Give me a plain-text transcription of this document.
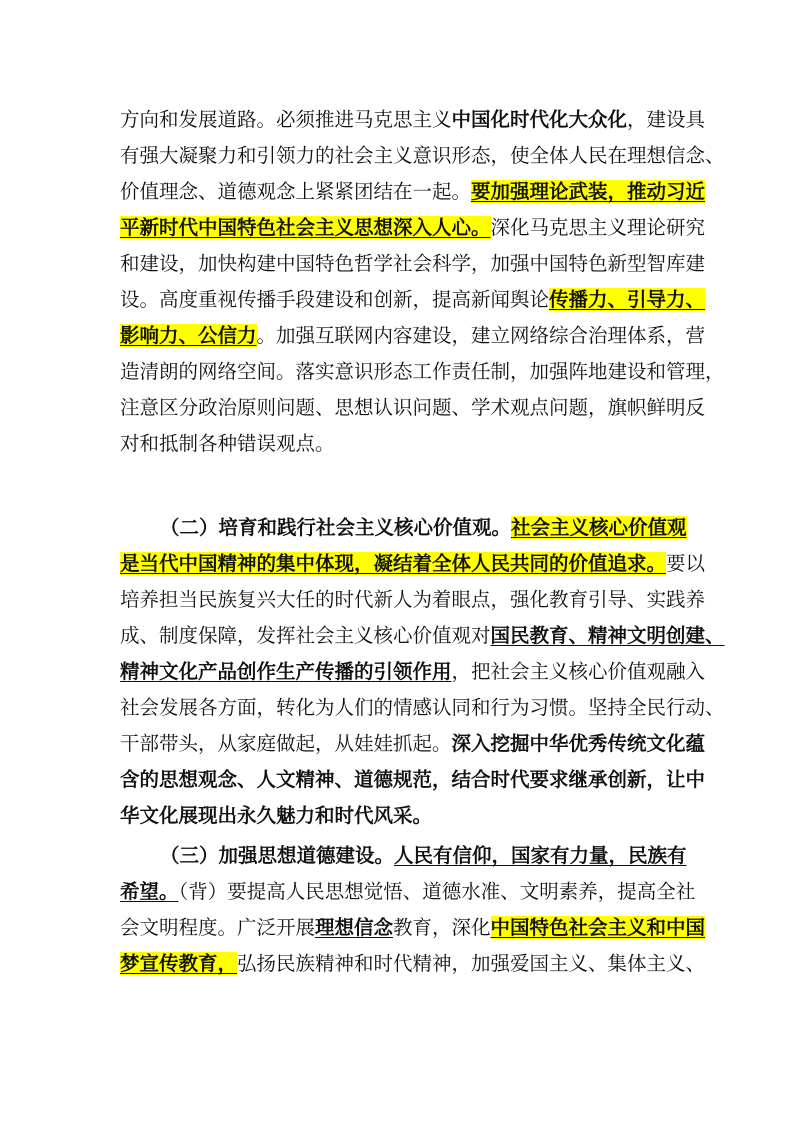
方向和发展道路。必须推进马克思主义中国化时代化大众化，建设具
有强大凝聚力和引领力的社会主义意识形态，使全体人民在理想信念、
价值理念、道德观念上紧紧团结在一起。要加强理论武装，推动习近
平新时代中国特色社会主义思想深入人心。深化马克思主义理论研究
和建设，加快构建中国特色哲学社会科学，加强中国特色新型智库建
设。高度重视传播手段建设和创新，提高新闻舆论传播力、引导力、
影响力、公信力。加强互联网内容建设，建立网络综合治理体系，营
造清朗的网络空间。落实意识形态工作责任制，加强阵地建设和管理，
注意区分政治原则问题、思想认识问题、学术观点问题，旗帜鲜明反
对和抵制各种错误观点。
（二）培育和践行社会主义核心价值观。社会主义核心价值观
是当代中国精神的集中体现，凝结着全体人民共同的价值追求。要以
培养担当民族复兴大任的时代新人为着眼点，强化教育引导、实践养
成、制度保障，发挥社会主义核心价值观对国民教育、精神文明创建、
精神文化产品创作生产传播的引领作用，把社会主义核心价值观融入
社会发展各方面，转化为人们的情感认同和行为习惯。坚持全民行动、
干部带头，从家庭做起，从娃娃抓起。深入挖掘中华优秀传统文化蕴
含的思想观念、人文精神、道德规范，结合时代要求继承创新，让中
华文化展现出永久魅力和时代风采。
（三）加强思想道德建设。人民有信仰，国家有力量，民族有
希望。（背）要提高人民思想觉悟、道德水准、文明素养，提高全社
会文明程度。广泛开展理想信念教育，深化中国特色社会主义和中国
梦宣传教育，弘扬民族精神和时代精神，加强爱国主义、集体主义、
